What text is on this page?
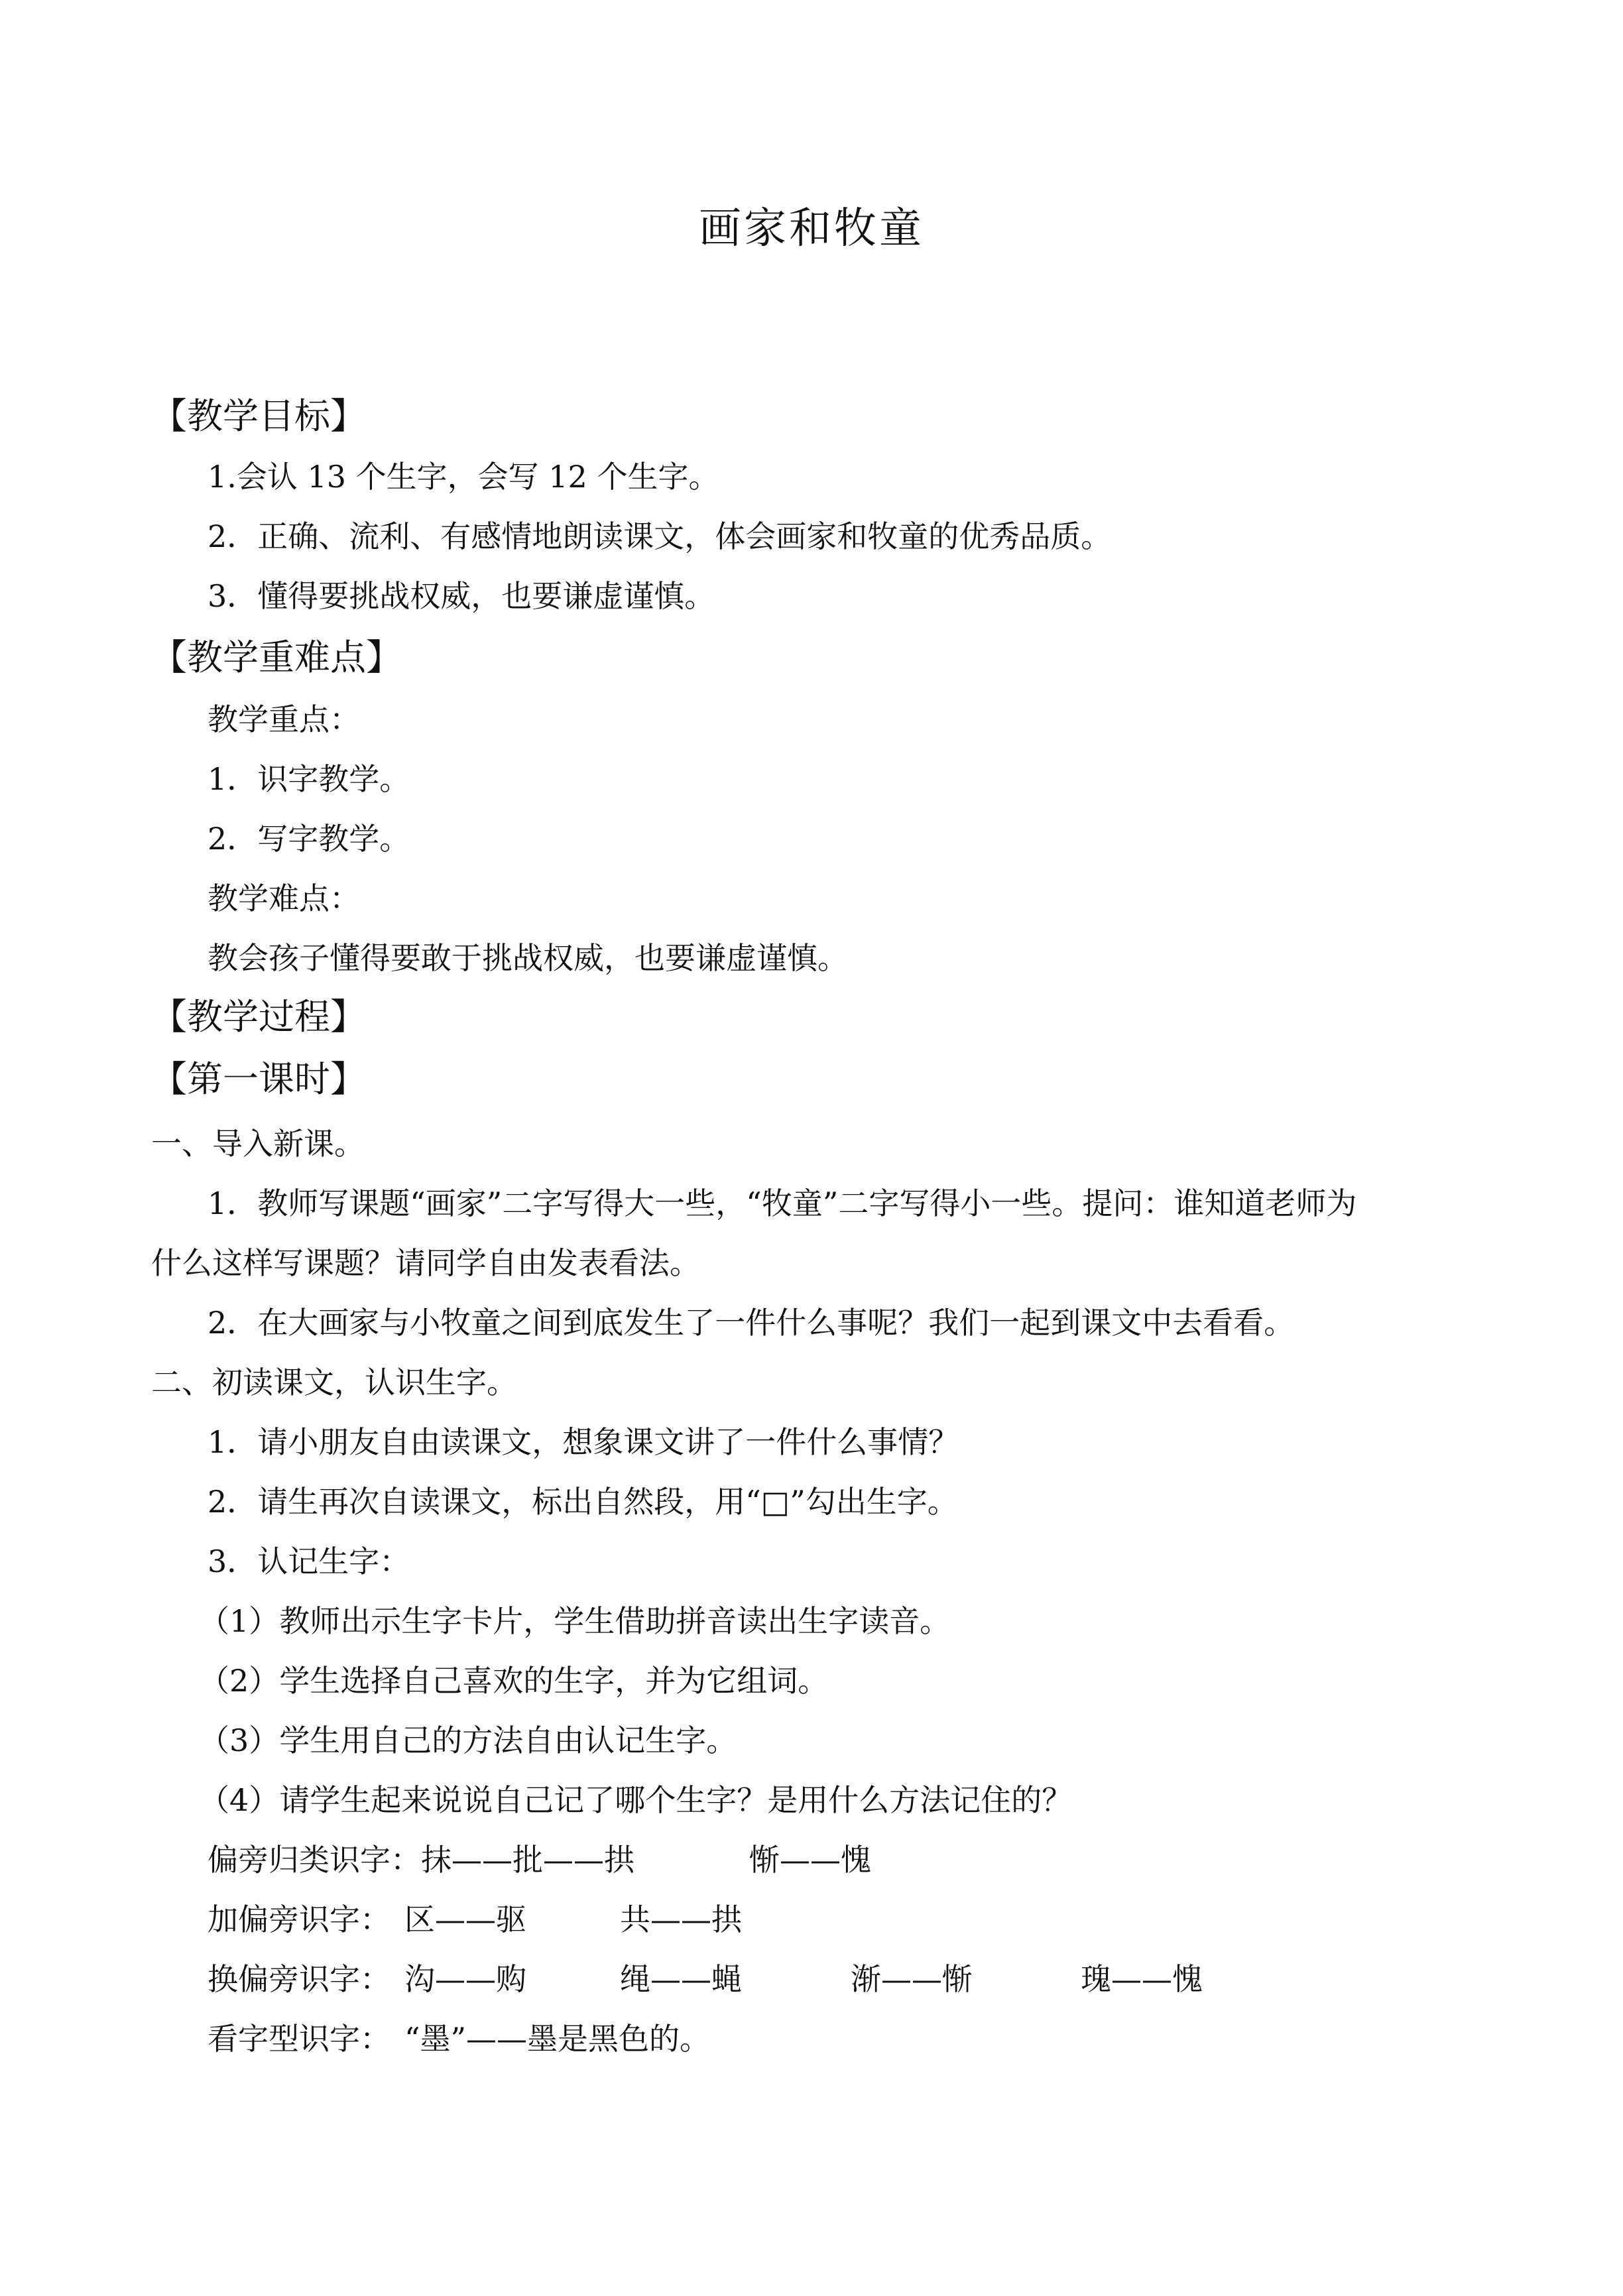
画家和牧童
【教学目标】
1.会认 13 个生字，会写 12 个生字。
2．正确、流利、有感情地朗读课文，体会画家和牧童的优秀品质。
3．懂得要挑战权威，也要谦虚谨慎。
【教学重难点】
教学重点：
1．识字教学。
2．写字教学。
教学难点：
教会孩子懂得要敢于挑战权威，也要谦虚谨慎。
【教学过程】
【第一课时】
一、导入新课。
1．教师写课题“画家”二字写得大一些，“牧童”二字写得小一些。提问：谁知道老师为
什么这样写课题？请同学自由发表看法。
2．在大画家与小牧童之间到底发生了一件什么事呢？我们一起到课文中去看看。
二、初读课文，认识生字。
1．请小朋友自由读课文，想象课文讲了一件什么事情？
2．请生再次自读课文，标出自然段，用“□”勾出生字。
3．认记生字：
（1）教师出示生字卡片，学生借助拼音读出生字读音。
（2）学生选择自己喜欢的生字，并为它组词。
（3）学生用自己的方法自由认记生字。
（4）请学生起来说说自己记了哪个生字？是用什么方法记住的？
偏旁归类识字： 抹——批——拱	惭——愧
加偏旁识字： 区——驱	共——拱
换偏旁识字： 沟——购	绳——蝇	渐——惭	瑰——愧
看字型识字： “墨”——墨是黑色的。
